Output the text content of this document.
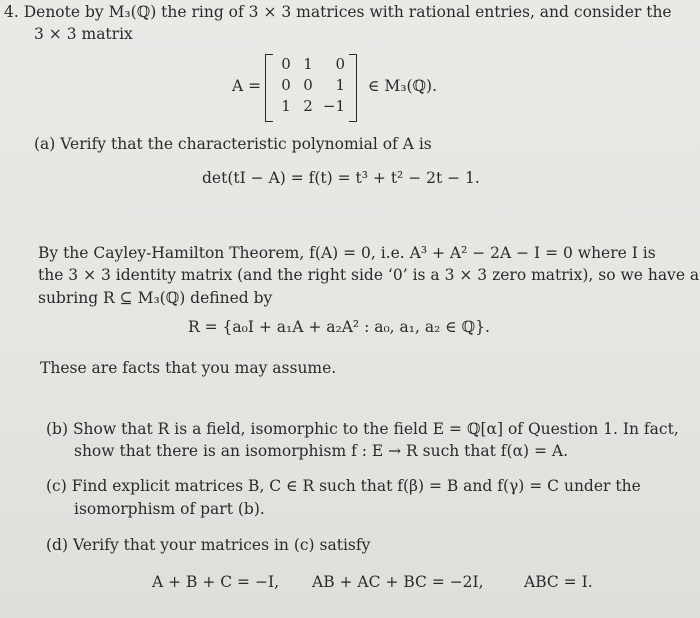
4. Denote by M₃(ℚ) the ring of 3 × 3 matrices with rational entries, and consider the
3 × 3 matrix
A =
0 1	0
0 0	1
1 2 −1
∈ M₃(ℚ).
(a) Verify that the characteristic polynomial of A is
det(tI − A) = f(t) = t³ + t² − 2t − 1.
By the Cayley-Hamilton Theorem, f(A) = 0, i.e. A³ + A² − 2A − I = 0 where I is
the 3 × 3 identity matrix (and the right side ‘0’ is a 3 × 3 zero matrix), so we have a
subring R ⊆ M₃(ℚ) defined by
R = {a₀I + a₁A + a₂A² : a₀, a₁, a₂ ∈ ℚ}.
These are facts that you may assume.
(b) Show that R is a field, isomorphic to the field E = ℚ[α] of Question 1. In fact,
show that there is an isomorphism f : E → R such that f(α) = A.
(c) Find explicit matrices B, C ∈ R such that f(β) = B and f(γ) = C under the
isomorphism of part (b).
(d) Verify that your matrices in (c) satisfy
A + B + C = −I, AB + AC + BC = −2I,	ABC = I.
